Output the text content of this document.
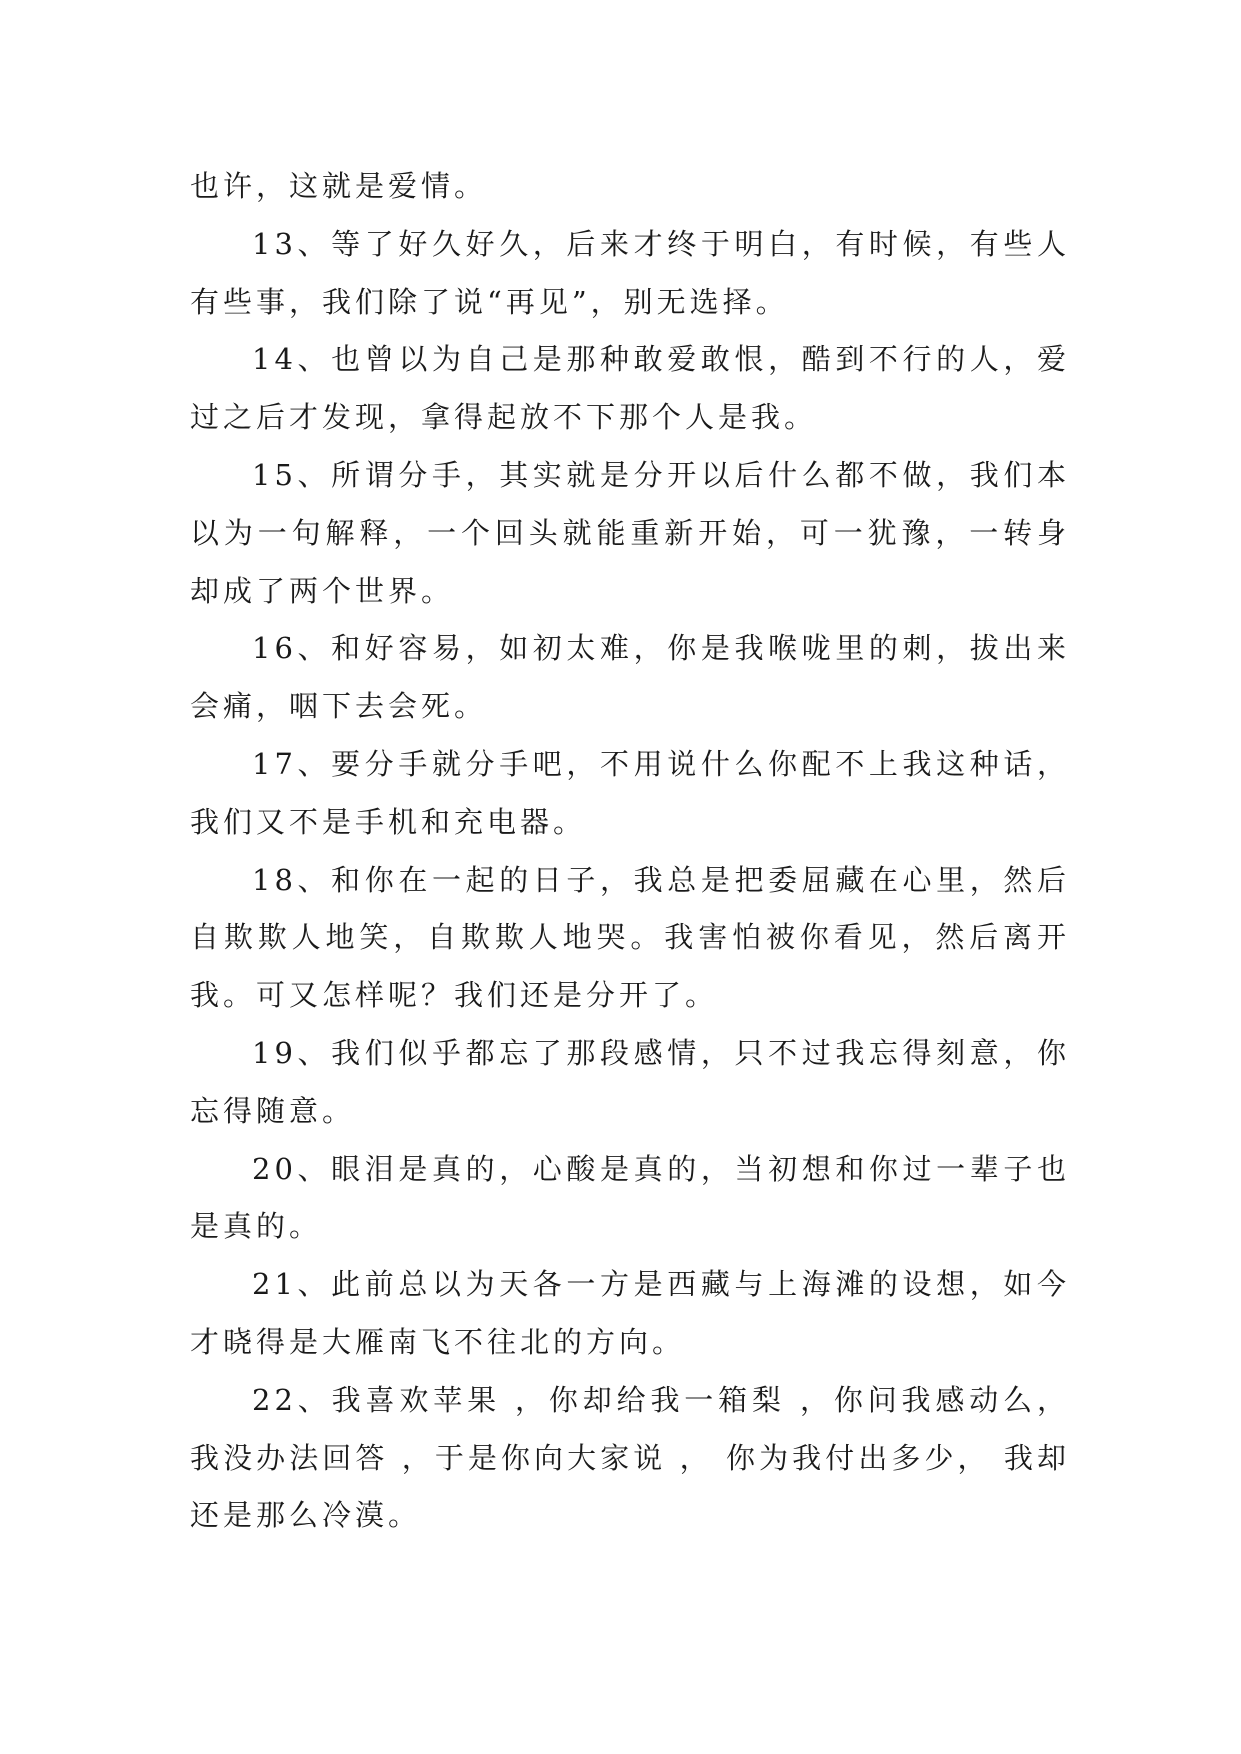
也许，这就是爱情。

13、等了好久好久，后来才终于明白，有时候，有些人有些事，我们除了说“再见”，别无选择。

14、也曾以为自己是那种敢爱敢恨，酷到不行的人，爱过之后才发现，拿得起放不下那个人是我。

15、所谓分手，其实就是分开以后什么都不做，我们本以为一句解释，一个回头就能重新开始，可一犹豫，一转身却成了两个世界。

16、和好容易，如初太难，你是我喉咙里的刺，拔出来会痛，咽下去会死。

17、要分手就分手吧，不用说什么你配不上我这种话，我们又不是手机和充电器。

18、和你在一起的日子，我总是把委屈藏在心里，然后自欺欺人地笑，自欺欺人地哭。我害怕被你看见，然后离开我。可又怎样呢？我们还是分开了。

19、我们似乎都忘了那段感情，只不过我忘得刻意，你忘得随意。

20、眼泪是真的，心酸是真的，当初想和你过一辈子也是真的。

21、此前总以为天各一方是西藏与上海滩的设想，如今才晓得是大雁南飞不往北的方向。

22、我喜欢苹果 ，你却给我一箱梨 ，你问我感动么，我没办法回答 ，于是你向大家说 ， 你为我付出多少， 我却还是那么冷漠。
